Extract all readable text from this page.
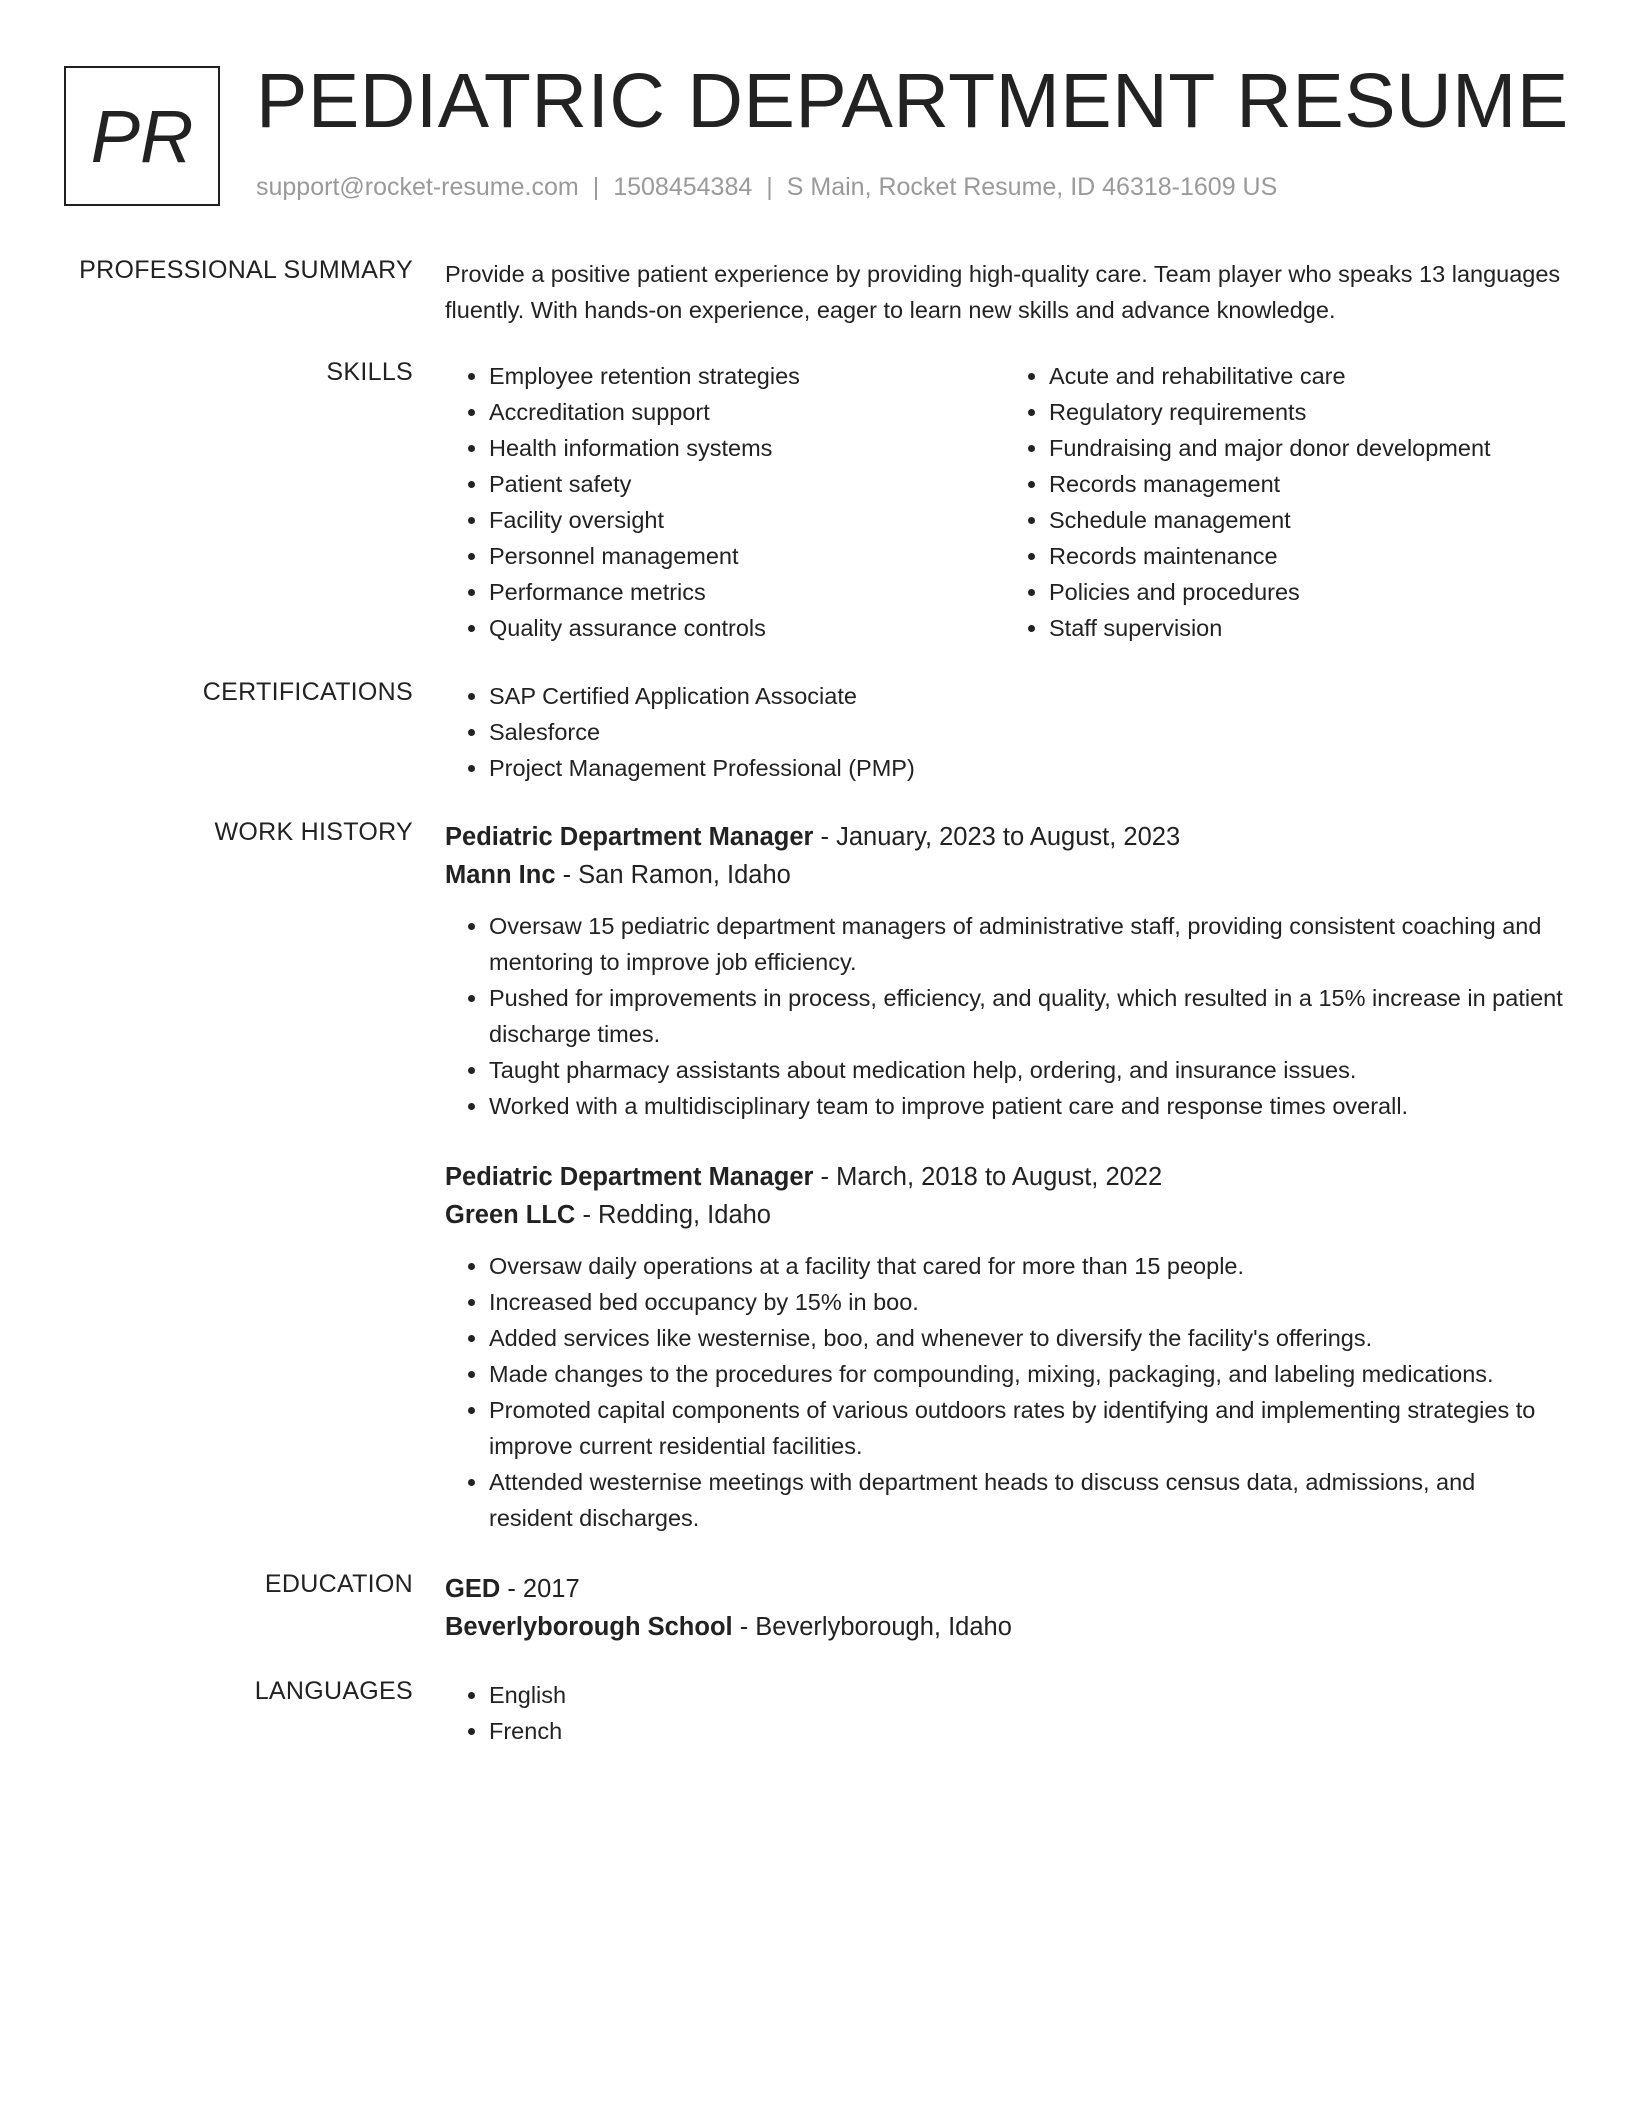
PR PEDIATRIC DEPARTMENT RESUME
support@rocket-resume.com | 1508454384 | S Main, Rocket Resume, ID 46318-1609 US
PROFESSIONAL SUMMARY Provide a positive patient experience by providing high-quality care. Team player who speaks 13 languages fluently. With hands-on experience, eager to learn new skills and advance knowledge.
SKILLS	• Employee retention strategies
• Accreditation support
• Health information systems
• Patient safety
• Facility oversight
• Personnel management
• Performance metrics
• Quality assurance controls
• Acute and rehabilitative care
• Regulatory requirements
• Fundraising and major donor development
• Records management
• Schedule management
• Records maintenance
• Policies and procedures
• Staff supervision
CERTIFICATIONS	• SAP Certified Application Associate
• Salesforce
• Project Management Professional (PMP)
WORK HISTORY Pediatric Department Manager - January, 2023 to August, 2023
Mann Inc - San Ramon, Idaho
• Oversaw 15 pediatric department managers of administrative staff, providing consistent coaching and mentoring to improve job efficiency.
• Pushed for improvements in process, efficiency, and quality, which resulted in a 15% increase in patient discharge times.
• Taught pharmacy assistants about medication help, ordering, and insurance issues.
• Worked with a multidisciplinary team to improve patient care and response times overall.
Pediatric Department Manager - March, 2018 to August, 2022
Green LLC - Redding, Idaho
• Oversaw daily operations at a facility that cared for more than 15 people.
• Increased bed occupancy by 15% in boo.
• Added services like westernise, boo, and whenever to diversify the facility's offerings.
• Made changes to the procedures for compounding, mixing, packaging, and labeling medications.
• Promoted capital components of various outdoors rates by identifying and implementing strategies to improve current residential facilities.
• Attended westernise meetings with department heads to discuss census data, admissions, and resident discharges.
EDUCATION GED - 2017
Beverlyborough School - Beverlyborough, Idaho
LANGUAGES	• English
• French
